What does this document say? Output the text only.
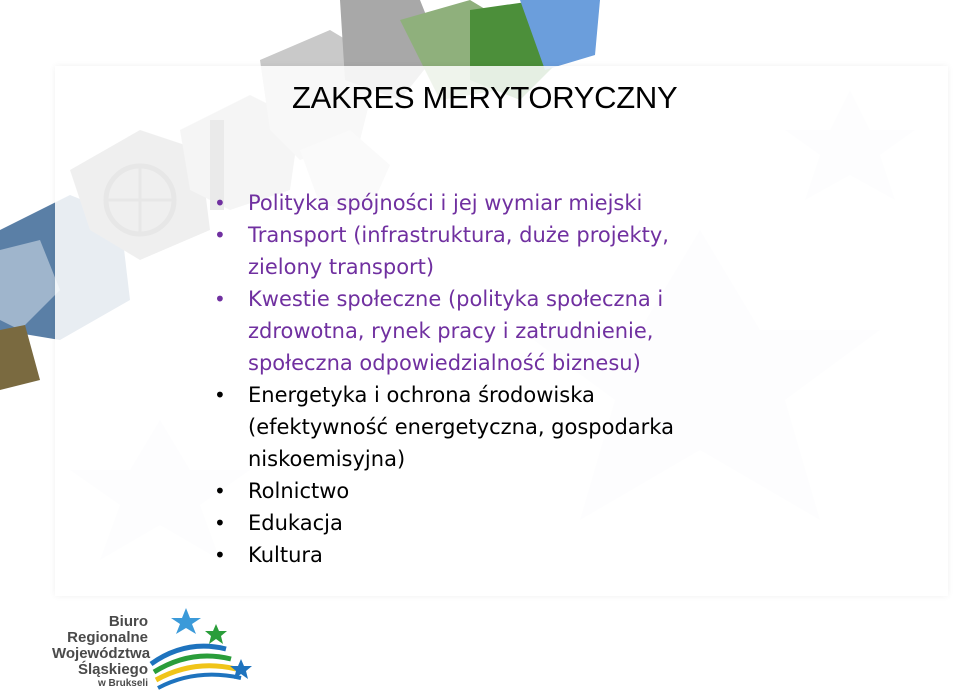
ZAKRES MERYTORYCZNY
• Polityka spójności i jej wymiar miejski
• Transport (infrastruktura, duże projekty, zielony transport)
• Kwestie społeczne (polityka społeczna i zdrowotna, rynek pracy i zatrudnienie, społeczna odpowiedzialność biznesu)
• Energetyka i ochrona środowiska (efektywność energetyczna, gospodarka niskoemisyjna)
• Rolnictwo
• Edukacja
• Kultura
Biuro
Regionalne
Województwa
Śląskiego
w Brukseli
